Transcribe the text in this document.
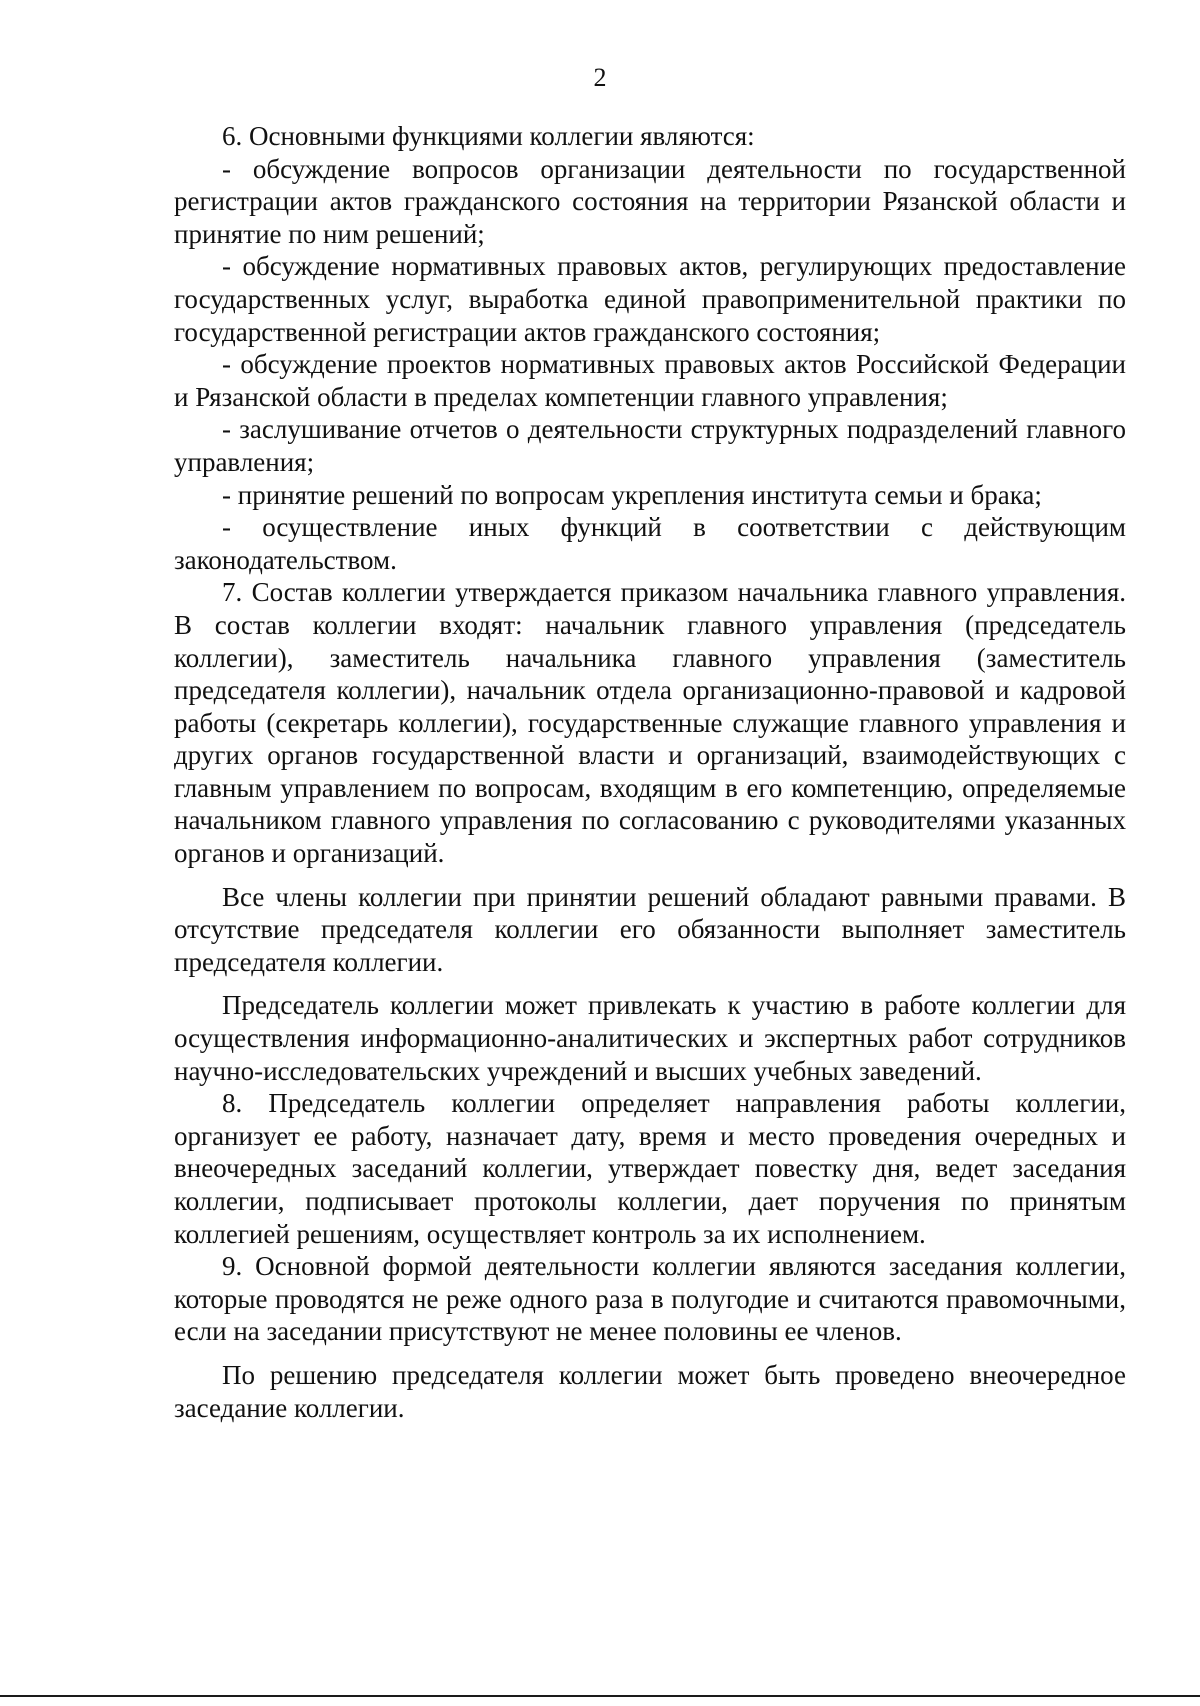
2

6. Основными функциями коллегии являются:

- обсуждение вопросов организации деятельности по государственной регистрации актов гражданского состояния на территории Рязанской области и принятие по ним решений;

- обсуждение нормативных правовых актов, регулирующих предоставление государственных услуг, выработка единой правоприменительной практики по государственной регистрации актов гражданского состояния;

- обсуждение проектов нормативных правовых актов Российской Федерации и Рязанской области в пределах компетенции главного управления;

- заслушивание отчетов о деятельности структурных подразделений главного управления;

- принятие решений по вопросам укрепления института семьи и брака;

- осуществление иных функций в соответствии с действующим законодательством.

7. Состав коллегии утверждается приказом начальника главного управления. В состав коллегии входят: начальник главного управления (председатель коллегии), заместитель начальника главного управления (заместитель председателя коллегии), начальник отдела организационно-правовой и кадровой работы (секретарь коллегии), государственные служащие главного управления и других органов государственной власти и организаций, взаимодействующих с главным управлением по вопросам, входящим в его компетенцию, определяемые начальником главного управления по согласованию с руководителями указанных органов и организаций.

Все члены коллегии при принятии решений обладают равными правами. В отсутствие председателя коллегии его обязанности выполняет заместитель председателя коллегии.

Председатель коллегии может привлекать к участию в работе коллегии для осуществления информационно-аналитических и экспертных работ сотрудников научно-исследовательских учреждений и высших учебных заведений.

8. Председатель коллегии определяет направления работы коллегии, организует ее работу, назначает дату, время и место проведения очередных и внеочередных заседаний коллегии, утверждает повестку дня, ведет заседания коллегии, подписывает протоколы коллегии, дает поручения по принятым коллегией решениям, осуществляет контроль за их исполнением.

9. Основной формой деятельности коллегии являются заседания коллегии, которые проводятся не реже одного раза в полугодие и считаются правомочными, если на заседании присутствуют не менее половины ее членов.

По решению председателя коллегии может быть проведено внеочередное заседание коллегии.
